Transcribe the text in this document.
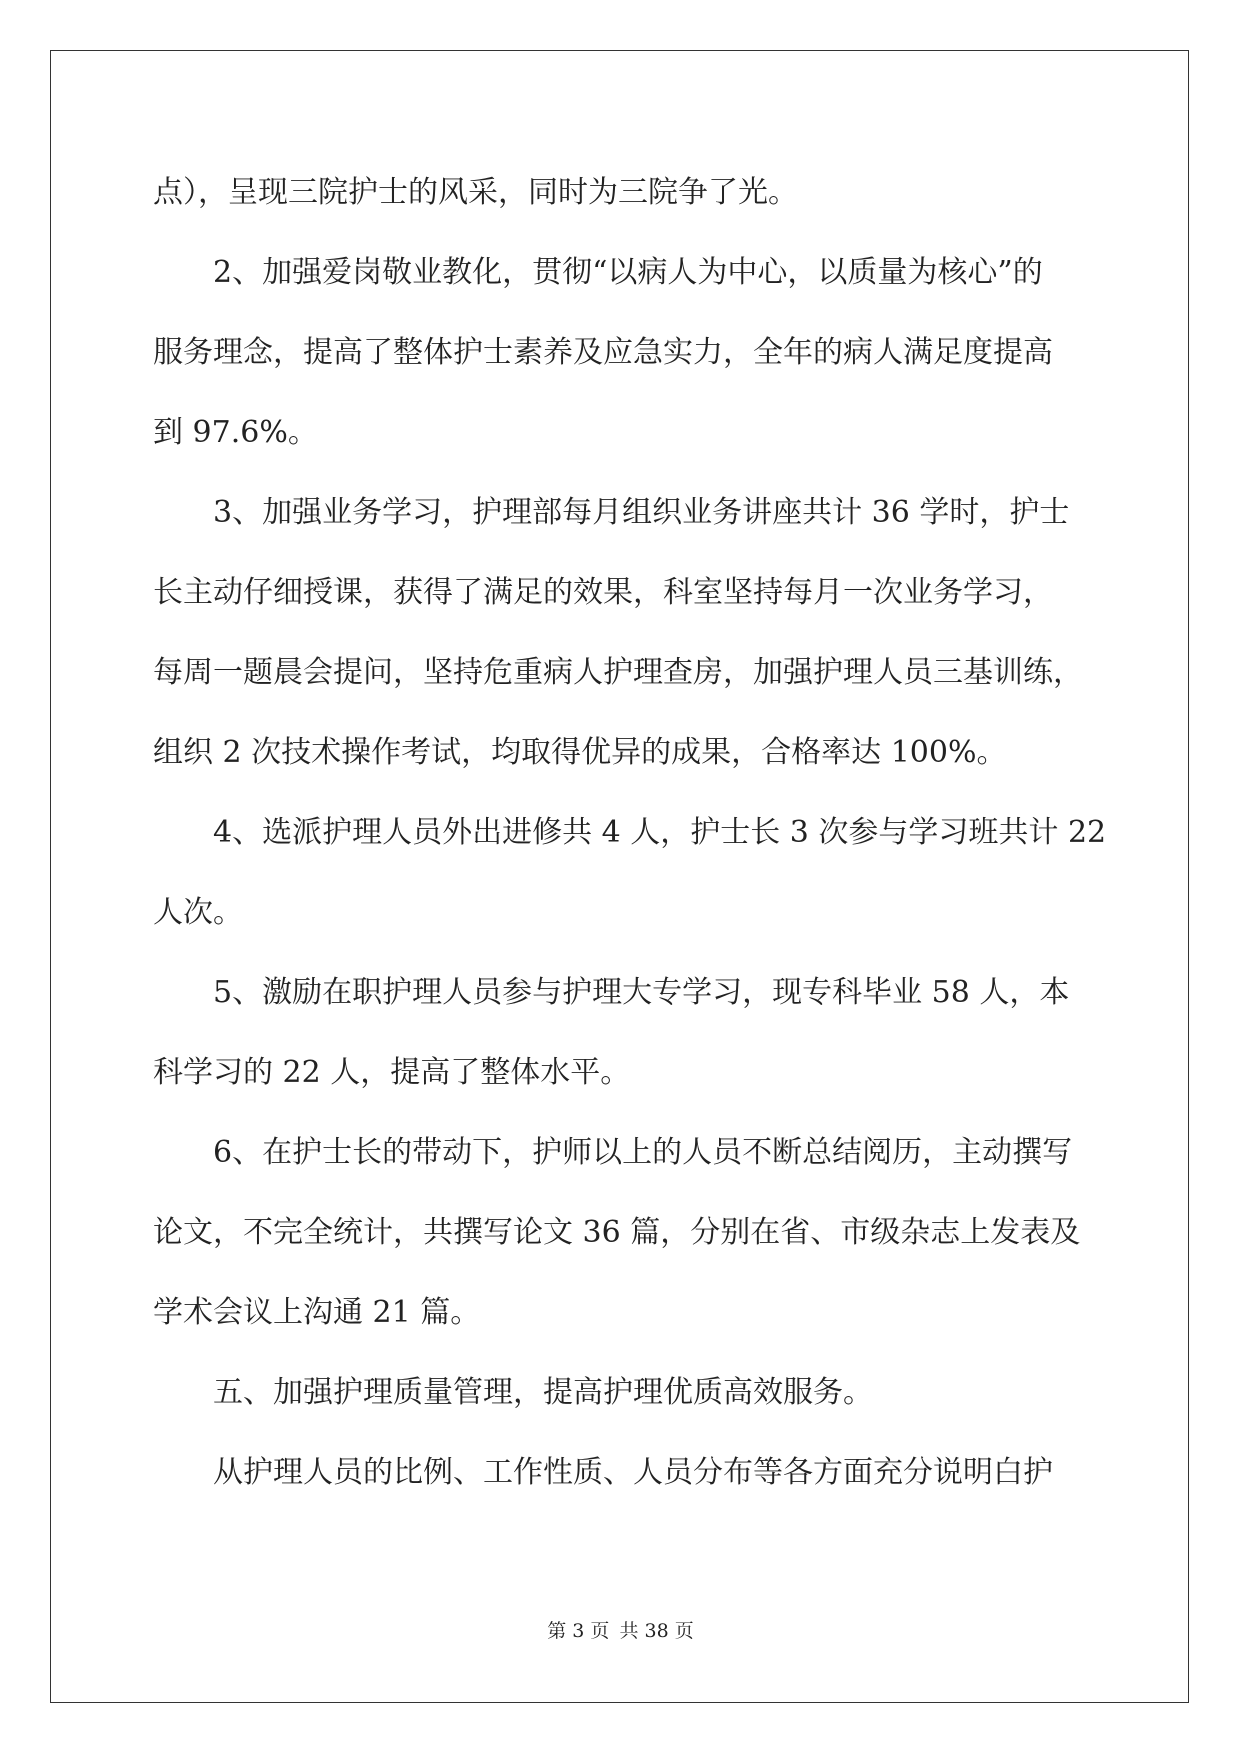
点），呈现三院护士的风采，同时为三院争了光。
2、加强爱岗敬业教化，贯彻“以病人为中心，以质量为核心”的
服务理念，提高了整体护士素养及应急实力，全年的病人满足度提高
到 97.6%。
3、加强业务学习，护理部每月组织业务讲座共计 36 学时，护士
长主动仔细授课，获得了满足的效果，科室坚持每月一次业务学习，
每周一题晨会提问，坚持危重病人护理查房，加强护理人员三基训练，
组织 2 次技术操作考试，均取得优异的成果，合格率达 100%。
4、选派护理人员外出进修共 4 人，护士长 3 次参与学习班共计 22
人次。
5、激励在职护理人员参与护理大专学习，现专科毕业 58 人，本
科学习的 22 人，提高了整体水平。
6、在护士长的带动下，护师以上的人员不断总结阅历，主动撰写
论文，不完全统计，共撰写论文 36 篇，分别在省、市级杂志上发表及
学术会议上沟通 21 篇。
五、加强护理质量管理，提高护理优质高效服务。
从护理人员的比例、工作性质、人员分布等各方面充分说明白护
第 3 页 共 38 页
